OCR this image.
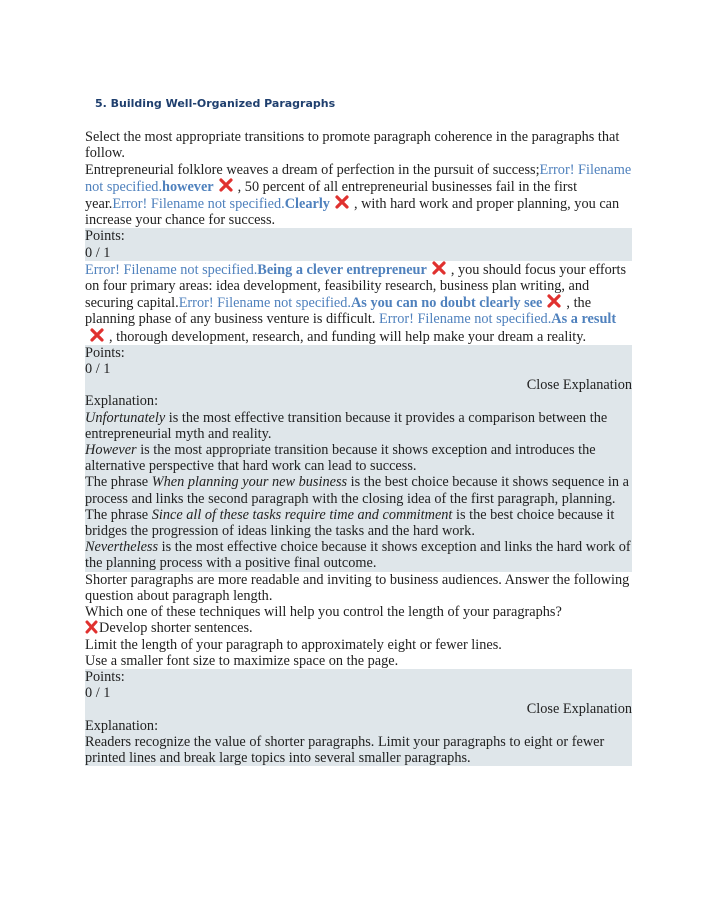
5. Building Well-Organized Paragraphs
Select the most appropriate transitions to promote paragraph coherence in the paragraphs that follow.
Entrepreneurial folklore weaves a dream of perfection in the pursuit of success;Error! Filename not specified.however , 50 percent of all entrepreneurial businesses fail in the first year.Error! Filename not specified.Clearly , with hard work and proper planning, you can increase your chance for success.
Points:
0 / 1
Error! Filename not specified.Being a clever entrepreneur , you should focus your efforts on four primary areas: idea development, feasibility research, business plan writing, and securing capital.Error! Filename not specified.As you can no doubt clearly see , the planning phase of any business venture is difficult. Error! Filename not specified.As a result, thorough development, research, and funding will help make your dream a reality.
Points:
0 / 1
Close Explanation
Explanation:
Unfortunately is the most effective transition because it provides a comparison between the entrepreneurial myth and reality.
However is the most appropriate transition because it shows exception and introduces the alternative perspective that hard work can lead to success.
The phrase When planning your new business is the best choice because it shows sequence in a process and links the second paragraph with the closing idea of the first paragraph, planning.
The phrase Since all of these tasks require time and commitment is the best choice because it bridges the progression of ideas linking the tasks and the hard work.
Nevertheless is the most effective choice because it shows exception and links the hard work of the planning process with a positive final outcome.
Shorter paragraphs are more readable and inviting to business audiences. Answer the following question about paragraph length.
Which one of these techniques will help you control the length of your paragraphs?
Develop shorter sentences.
Limit the length of your paragraph to approximately eight or fewer lines.
Use a smaller font size to maximize space on the page.
Points:
0 / 1
Close Explanation
Explanation:
Readers recognize the value of shorter paragraphs. Limit your paragraphs to eight or fewer printed lines and break large topics into several smaller paragraphs.
